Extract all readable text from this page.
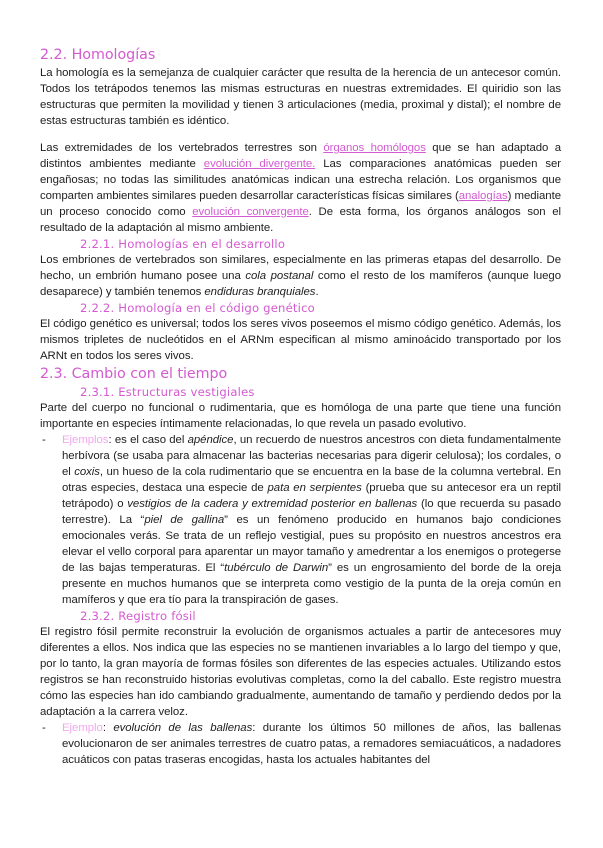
2.2. Homologías

La homología es la semejanza de cualquier carácter que resulta de la herencia de un antecesor común. Todos los tetrápodos tenemos las mismas estructuras en nuestras extremidades. El quiridio son las estructuras que permiten la movilidad y tienen 3 articulaciones (media, proximal y distal); el nombre de estas estructuras también es idéntico.

Las extremidades de los vertebrados terrestres son órganos homólogos que se han adaptado a distintos ambientes mediante evolución divergente. Las comparaciones anatómicas pueden ser engañosas; no todas las similitudes anatómicas indican una estrecha relación. Los organismos que comparten ambientes similares pueden desarrollar características físicas similares (analogías) mediante un proceso conocido como evolución convergente. De esta forma, los órganos análogos son el resultado de la adaptación al mismo ambiente.

2.2.1. Homologías en el desarrollo

Los embriones de vertebrados son similares, especialmente en las primeras etapas del desarrollo. De hecho, un embrión humano posee una cola postanal como el resto de los mamíferos (aunque luego desaparece) y también tenemos endiduras branquiales.

2.2.2. Homología en el código genético

El código genético es universal; todos los seres vivos poseemos el mismo código genético. Además, los mismos tripletes de nucleótidos en el ARNm especifican al mismo aminoácido transportado por los ARNt en todos los seres vivos.

2.3. Cambio con el tiempo
2.3.1. Estructuras vestigiales

Parte del cuerpo no funcional o rudimentaria, que es homóloga de una parte que tiene una función importante en especies íntimamente relacionadas, lo que revela un pasado evolutivo.

- Ejemplos: es el caso del apéndice, un recuerdo de nuestros ancestros con dieta fundamentalmente herbívora (se usaba para almacenar las bacterias necesarias para digerir celulosa); los cordales, o el coxis, un hueso de la cola rudimentario que se encuentra en la base de la columna vertebral. En otras especies, destaca una especie de pata en serpientes (prueba que su antecesor era un reptil tetrápodo) o vestigios de la cadera y extremidad posterior en ballenas (lo que recuerda su pasado terrestre). La “piel de gallina” es un fenómeno producido en humanos bajo condiciones emocionales verás. Se trata de un reflejo vestigial, pues su propósito en nuestros ancestros era elevar el vello corporal para aparentar un mayor tamaño y amedrentar a los enemigos o protegerse de las bajas temperaturas. El “tubérculo de Darwin” es un engrosamiento del borde de la oreja presente en muchos humanos que se interpreta como vestigio de la punta de la oreja común en mamíferos y que era tío para la transpiración de gases.
2.3.2. Registro fósil

El registro fósil permite reconstruir la evolución de organismos actuales a partir de antecesores muy diferentes a ellos. Nos indica que las especies no se mantienen invariables a lo largo del tiempo y que, por lo tanto, la gran mayoría de formas fósiles son diferentes de las especies actuales. Utilizando estos registros se han reconstruido historias evolutivas completas, como la del caballo. Este registro muestra cómo las especies han ido cambiando gradualmente, aumentando de tamaño y perdiendo dedos por la adaptación a la carrera veloz.

- Ejemplo: evolución de las ballenas: durante los últimos 50 millones de años, las ballenas evolucionaron de ser animales terrestres de cuatro patas, a remadores semiacuáticos, a nadadores acuáticos con patas traseras encogidas, hasta los actuales habitantes del
